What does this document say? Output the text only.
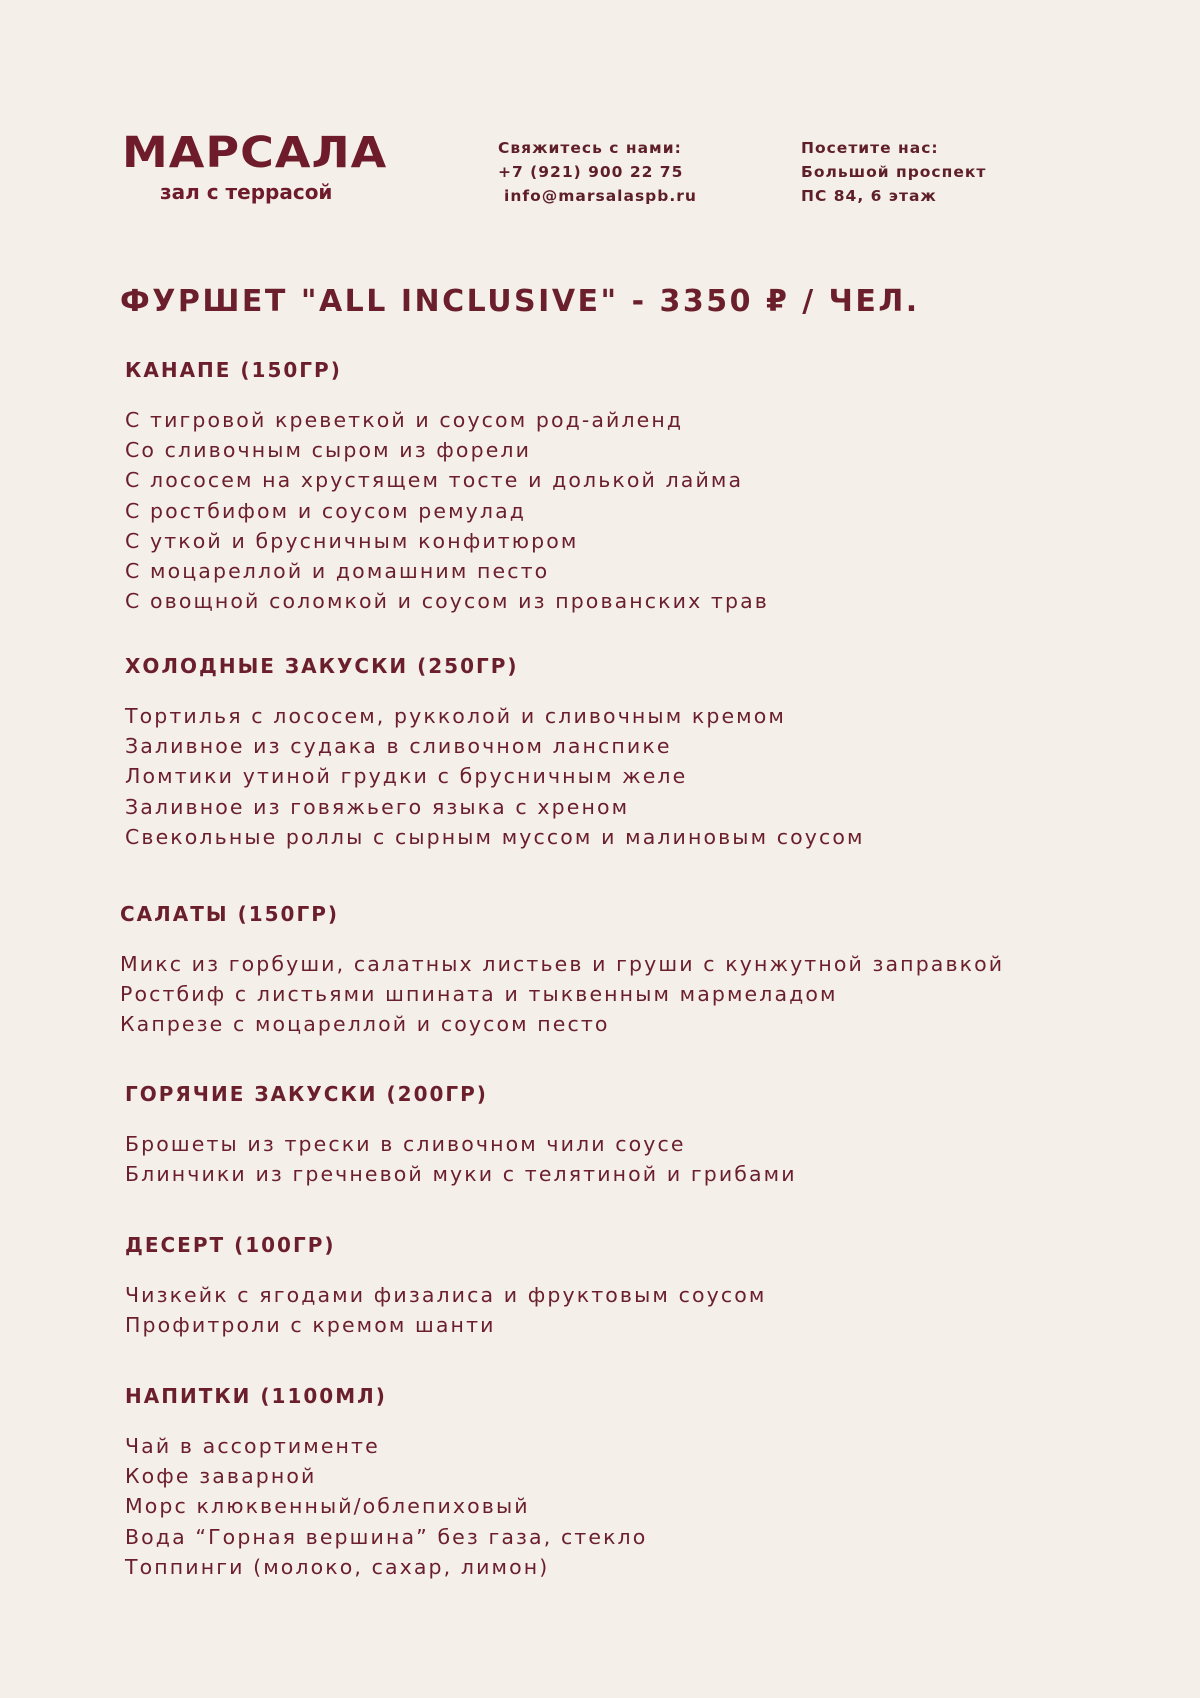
МАРСАЛА
зал с террасой
Свяжитесь с нами:
+7 (921) 900 22 75
info@marsalaspb.ru
Посетите нас:
Большой проспект
ПС 84, 6 этаж
ФУРШЕТ "ALL INCLUSIVE" - 3350 ₽ / ЧЕЛ.
КАНАПЕ (150ГР)
С тигровой креветкой и соусом род-айленд
Со сливочным сыром из форели
С лососем на хрустящем тосте и долькой лайма
С ростбифом и соусом ремулад
С уткой и брусничным конфитюром
С моцареллой и домашним песто
С овощной соломкой и соусом из прованских трав
ХОЛОДНЫЕ ЗАКУСКИ (250ГР)
Тортилья с лососем, рукколой и сливочным кремом
Заливное из судака в сливочном ланспике
Ломтики утиной грудки с брусничным желе
Заливное из говяжьего языка с хреном
Свекольные роллы с сырным муссом и малиновым соусом
САЛАТЫ (150ГР)
Микс из горбуши, салатных листьев и груши с кунжутной заправкой
Ростбиф с листьями шпината и тыквенным мармеладом
Капрезе с моцареллой и соусом песто
ГОРЯЧИЕ ЗАКУСКИ (200ГР)
Брошеты из трески в сливочном чили соусе
Блинчики из гречневой муки с телятиной и грибами
ДЕСЕРТ (100ГР)
Чизкейк с ягодами физалиса и фруктовым соусом
Профитроли с кремом шанти
НАПИТКИ (1100МЛ)
Чай в ассортименте
Кофе заварной
Морс клюквенный/облепиховый
Вода “Горная вершина” без газа, стекло
Топпинги (молоко, сахар, лимон)
